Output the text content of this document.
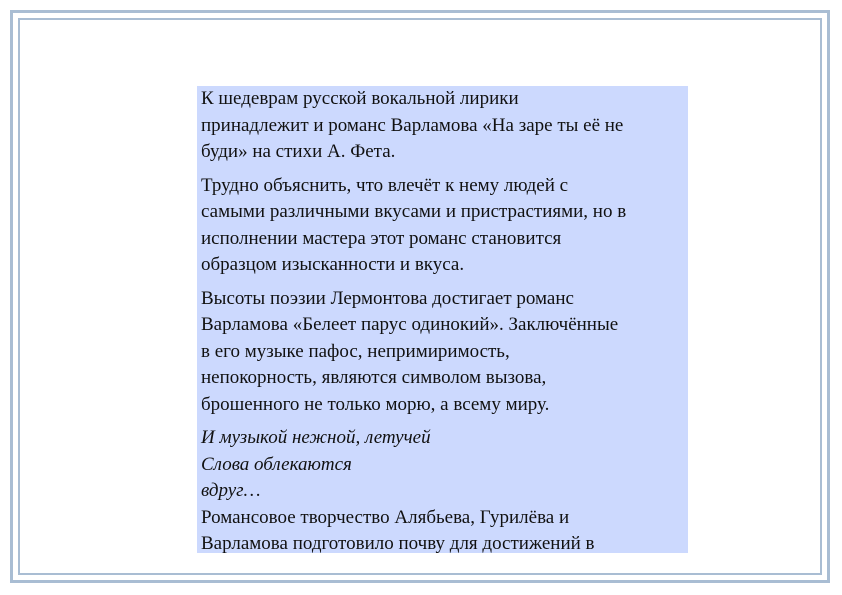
К шедеврам русской вокальной лирики
принадлежит и романс Варламова «На заре ты её не
буди» на стихи А. Фета.

Трудно объяснить, что влечёт к нему людей с
самыми различными вкусами и пристрастиями, но в
исполнении мастера этот романс становится
образцом изысканности и вкуса.

Высоты поэзии Лермонтова достигает романс
Варламова «Белеет парус одинокий». Заключённые
в его музыке пафос, непримиримость,
непокорность, являются символом вызова,
брошенного не только морю, а всему миру.

И музыкой нежной, летучей
Слова облекаются
вдруг…

Романсовое творчество Алябьева, Гурилёва и
Варламова подготовило почву для достижений в
